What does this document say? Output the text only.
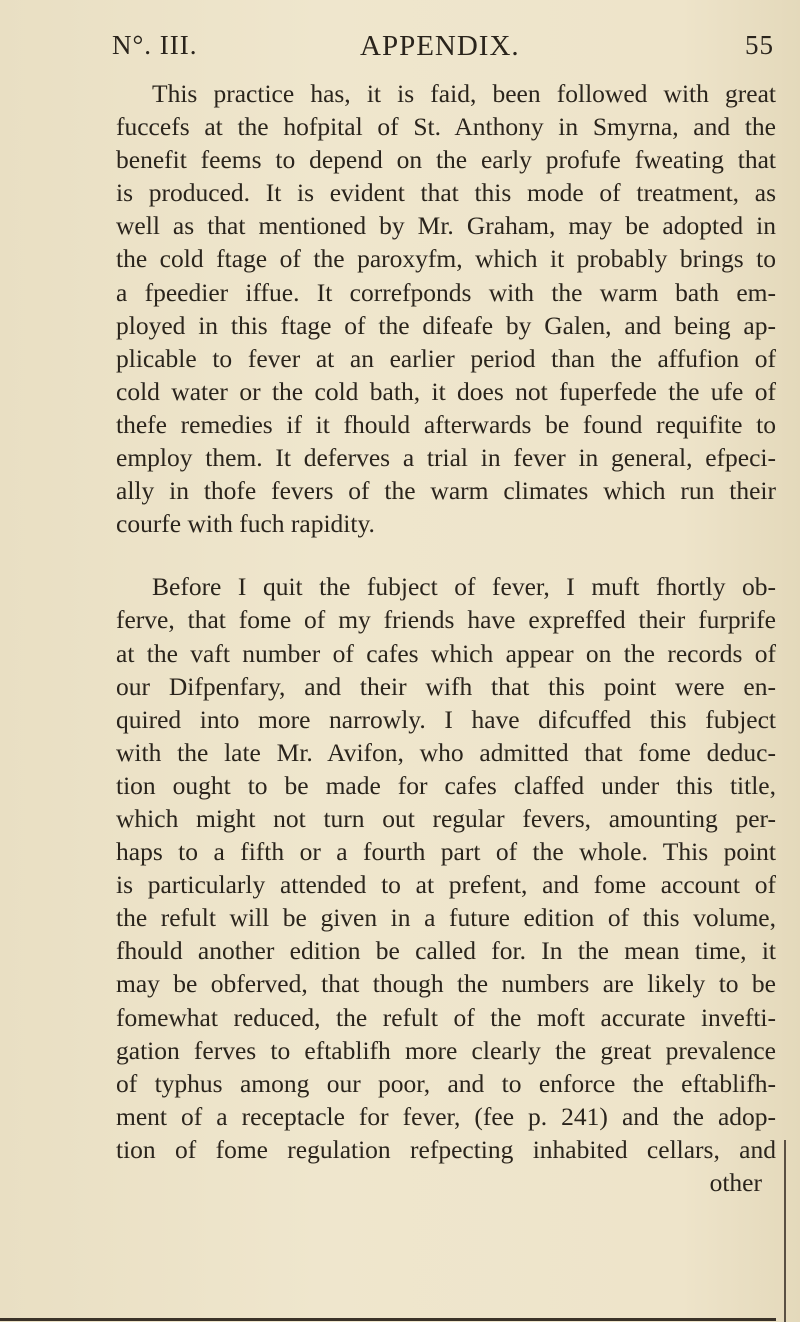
N°. III.	APPENDIX.	55
This practice has, it is faid, been followed with great
fuccefs at the hofpital of St. Anthony in Smyrna, and the
benefit feems to depend on the early profufe fweating that
is produced. It is evident that this mode of treatment, as
well as that mentioned by Mr. Graham, may be adopted in
the cold ftage of the paroxyfm, which it probably brings to
a fpeedier iffue. It correfponds with the warm bath em-
ployed in this ftage of the difeafe by Galen, and being ap-
plicable to fever at an earlier period than the affufion of
cold water or the cold bath, it does not fuperfede the ufe of
thefe remedies if it fhould afterwards be found requifite to
employ them. It deferves a trial in fever in general, efpeci-
ally in thofe fevers of the warm climates which run their
courfe with fuch rapidity.
Before I quit the fubject of fever, I muft fhortly ob-
ferve, that fome of my friends have expreffed their furprife
at the vaft number of cafes which appear on the records of
our Difpenfary, and their wifh that this point were en-
quired into more narrowly. I have difcuffed this fubject
with the late Mr. Avifon, who admitted that fome deduc-
tion ought to be made for cafes claffed under this title,
which might not turn out regular fevers, amounting per-
haps to a fifth or a fourth part of the whole. This point
is particularly attended to at prefent, and fome account of
the refult will be given in a future edition of this volume,
fhould another edition be called for. In the mean time, it
may be obferved, that though the numbers are likely to be
fomewhat reduced, the refult of the moft accurate invefti-
gation ferves to eftablifh more clearly the great prevalence
of typhus among our poor, and to enforce the eftablifh-
ment of a receptacle for fever, (fee p. 241) and the adop-
tion of fome regulation refpecting inhabited cellars, and
other
